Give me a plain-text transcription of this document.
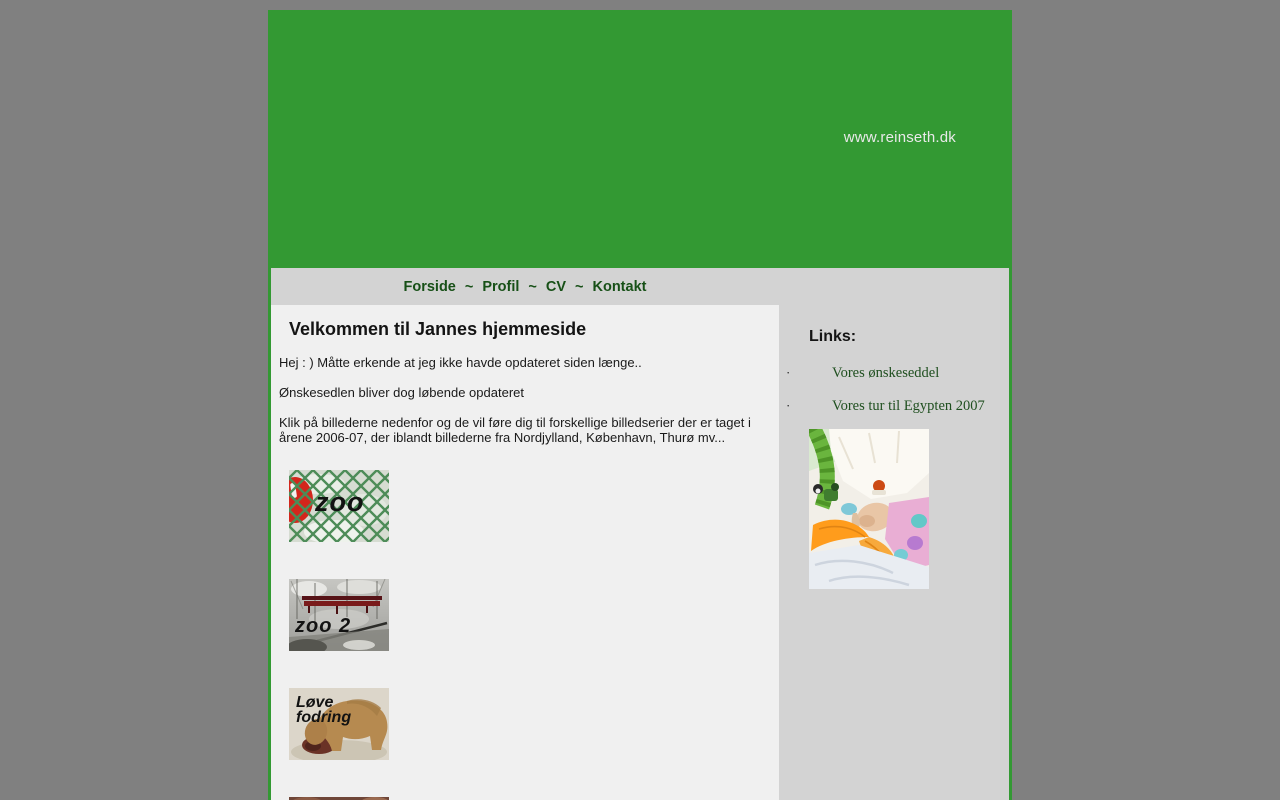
www.reinseth.dk
Forside ~ Profil ~ CV ~ Kontakt
Velkommen til Jannes hjemmeside

Hej : ) Måtte erkende at jeg ikke havde opdateret siden længe..

Ønskesedlen bliver dog løbende opdateret

Klik på billederne nedenfor og de vil føre dig til forskellige billedserier der er taget i årene 2006-07, der iblandt billederne fra Nordjylland, København, Thurø mv...

zoo
zoo 2
Løve fodring
Links:
·	Vores ønskeseddel
·	Vores tur til Egypten 2007
